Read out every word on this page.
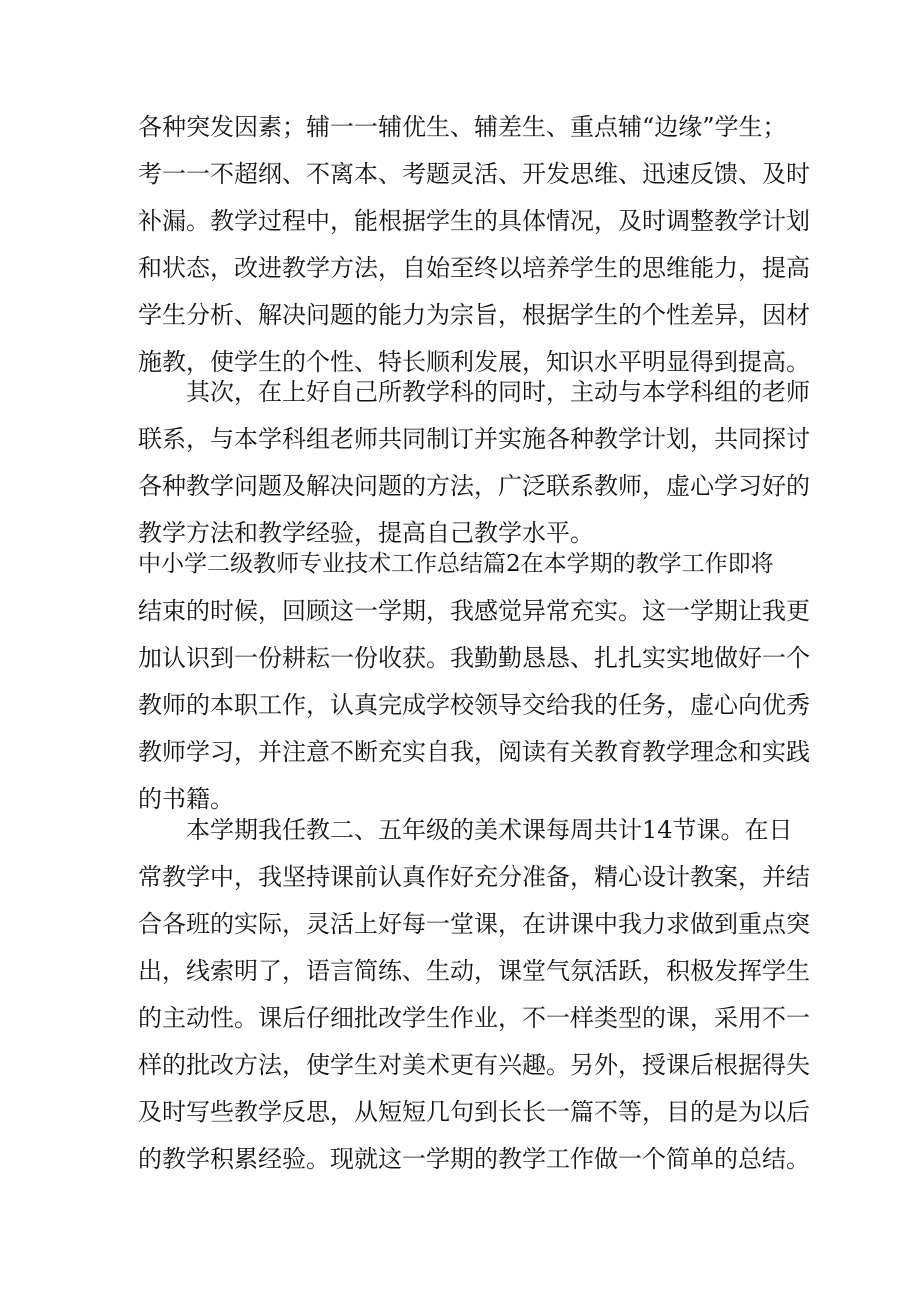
各种突发因素；辅一一辅优生、辅差生、重点辅“边缘”学生；
考一一不超纲、不离本、考题灵活、开发思维、迅速反馈、及时
补漏。教学过程中，能根据学生的具体情况，及时调整教学计划
和状态，改进教学方法，自始至终以培养学生的思维能力，提高
学生分析、解决问题的能力为宗旨，根据学生的个性差异，因材
施教，使学生的个性、特长顺利发展，知识水平明显得到提高。
其次，在上好自己所教学科的同时，主动与本学科组的老师
联系，与本学科组老师共同制订并实施各种教学计划，共同探讨
各种教学问题及解决问题的方法，广泛联系教师，虚心学习好的
教学方法和教学经验，提高自己教学水平。
中小学二级教师专业技术工作总结篇2在本学期的教学工作即将
结束的时候，回顾这一学期，我感觉异常充实。这一学期让我更
加认识到一份耕耘一份收获。我勤勤恳恳、扎扎实实地做好一个
教师的本职工作，认真完成学校领导交给我的任务，虚心向优秀
教师学习，并注意不断充实自我，阅读有关教育教学理念和实践
的书籍。
本学期我任教二、五年级的美术课每周共计14节课。在日
常教学中，我坚持课前认真作好充分准备，精心设计教案，并结
合各班的实际，灵活上好每一堂课，在讲课中我力求做到重点突
出，线索明了，语言简练、生动，课堂气氛活跃，积极发挥学生
的主动性。课后仔细批改学生作业，不一样类型的课，采用不一
样的批改方法，使学生对美术更有兴趣。另外，授课后根据得失
及时写些教学反思，从短短几句到长长一篇不等，目的是为以后
的教学积累经验。现就这一学期的教学工作做一个简单的总结。
